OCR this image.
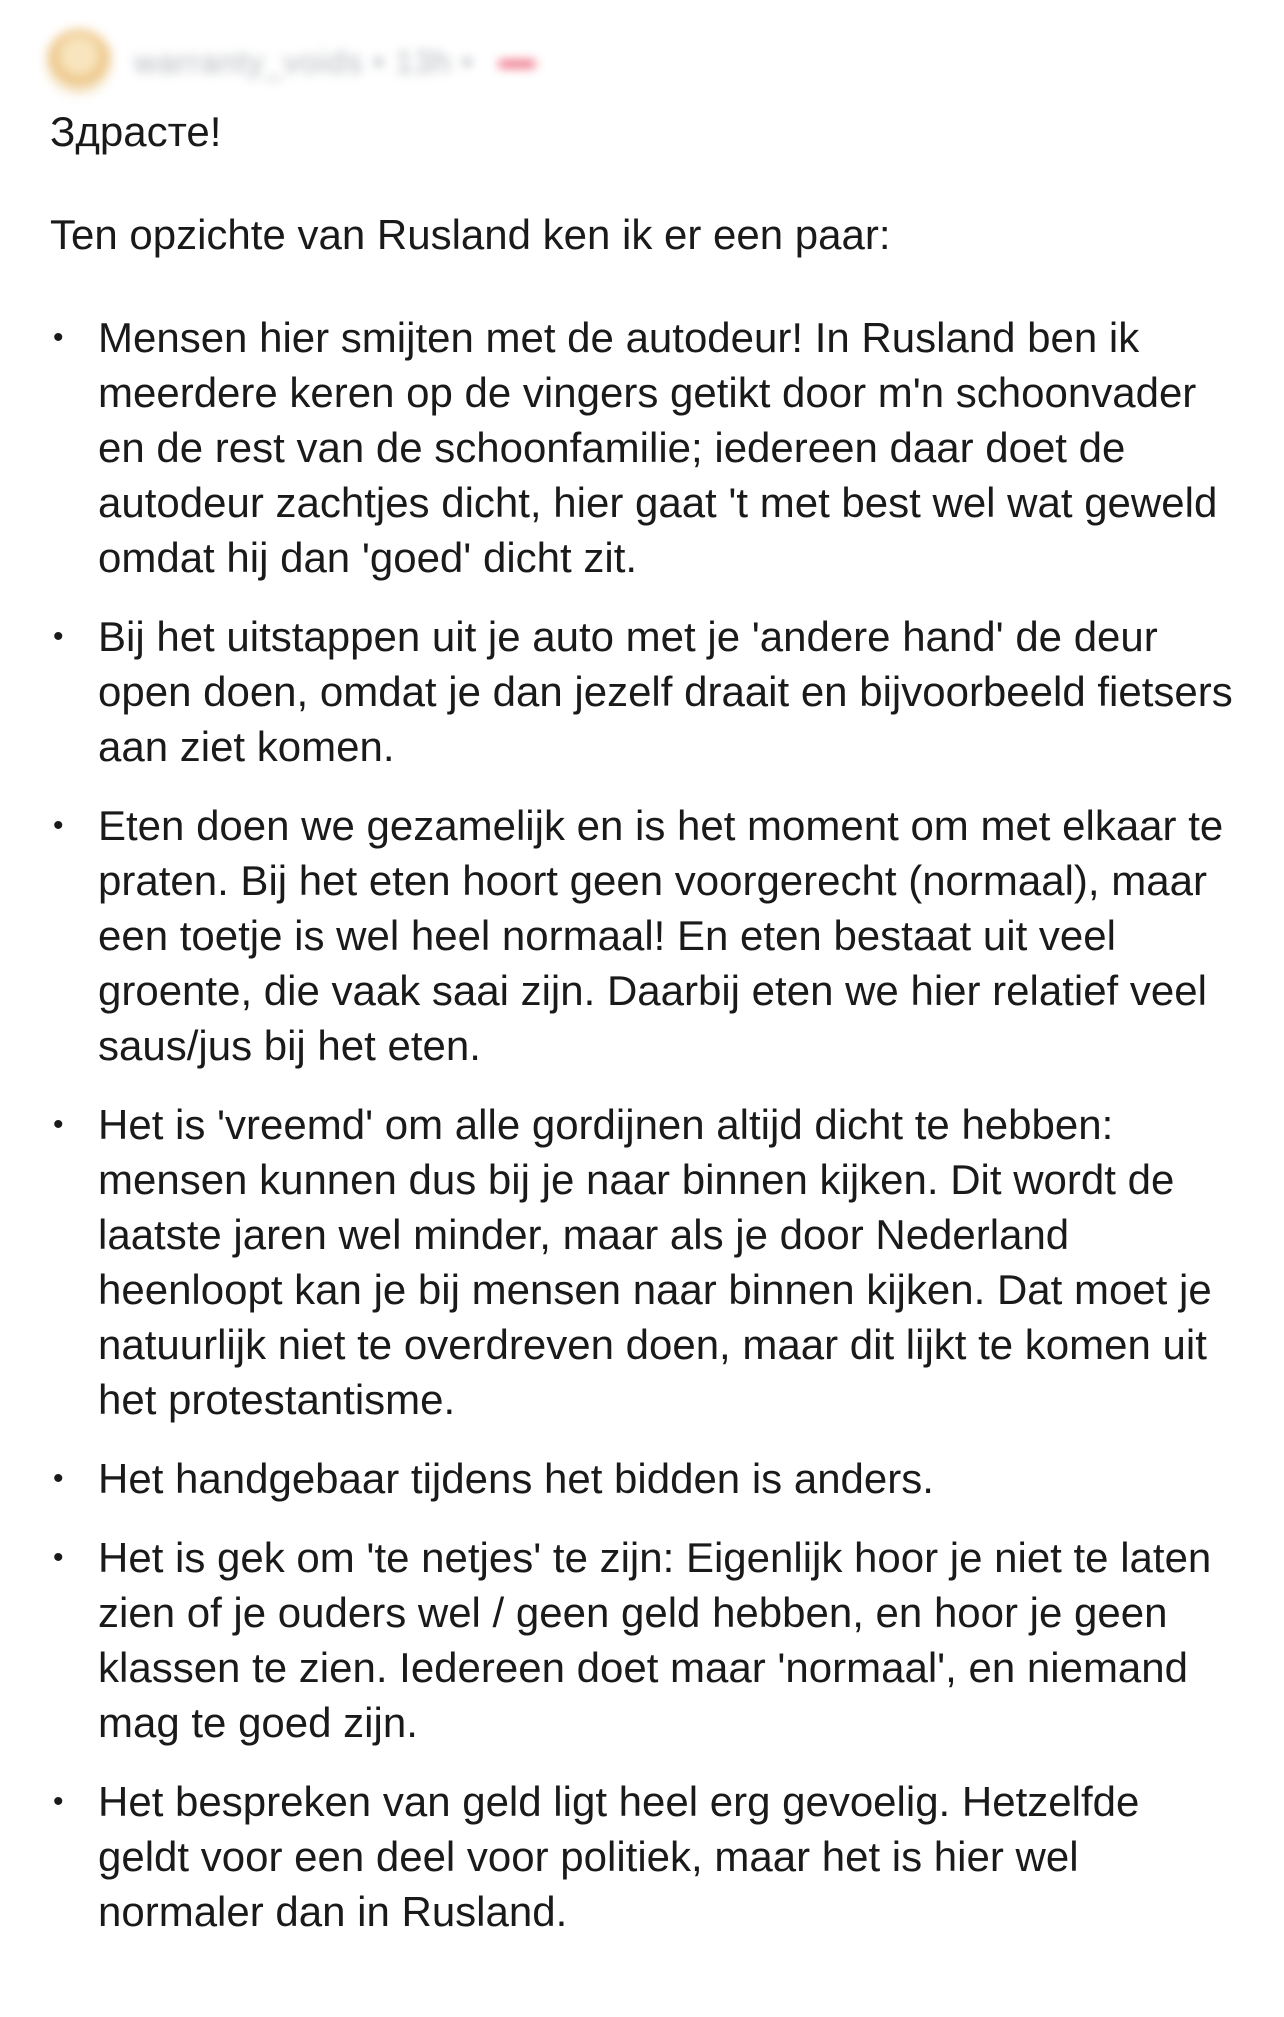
warranty_voids • 13h •

Здрасте!

Ten opzichte van Rusland ken ik er een paar:

• Mensen hier smijten met de autodeur! In Rusland ben ik meerdere keren op de vingers getikt door m'n schoonvader en de rest van de schoonfamilie; iedereen daar doet de autodeur zachtjes dicht, hier gaat 't met best wel wat geweld omdat hij dan 'goed' dicht zit.
• Bij het uitstappen uit je auto met je 'andere hand' de deur open doen, omdat je dan jezelf draait en bijvoorbeeld fietsers aan ziet komen.
• Eten doen we gezamelijk en is het moment om met elkaar te praten. Bij het eten hoort geen voorgerecht (normaal), maar een toetje is wel heel normaal! En eten bestaat uit veel groente, die vaak saai zijn. Daarbij eten we hier relatief veel saus/jus bij het eten.
• Het is 'vreemd' om alle gordijnen altijd dicht te hebben: mensen kunnen dus bij je naar binnen kijken. Dit wordt de laatste jaren wel minder, maar als je door Nederland heenloopt kan je bij mensen naar binnen kijken. Dat moet je natuurlijk niet te overdreven doen, maar dit lijkt te komen uit het protestantisme.
• Het handgebaar tijdens het bidden is anders.
• Het is gek om 'te netjes' te zijn: Eigenlijk hoor je niet te laten zien of je ouders wel / geen geld hebben, en hoor je geen klassen te zien. Iedereen doet maar 'normaal', en niemand mag te goed zijn.
• Het bespreken van geld ligt heel erg gevoelig. Hetzelfde geldt voor een deel voor politiek, maar het is hier wel normaler dan in Rusland.
